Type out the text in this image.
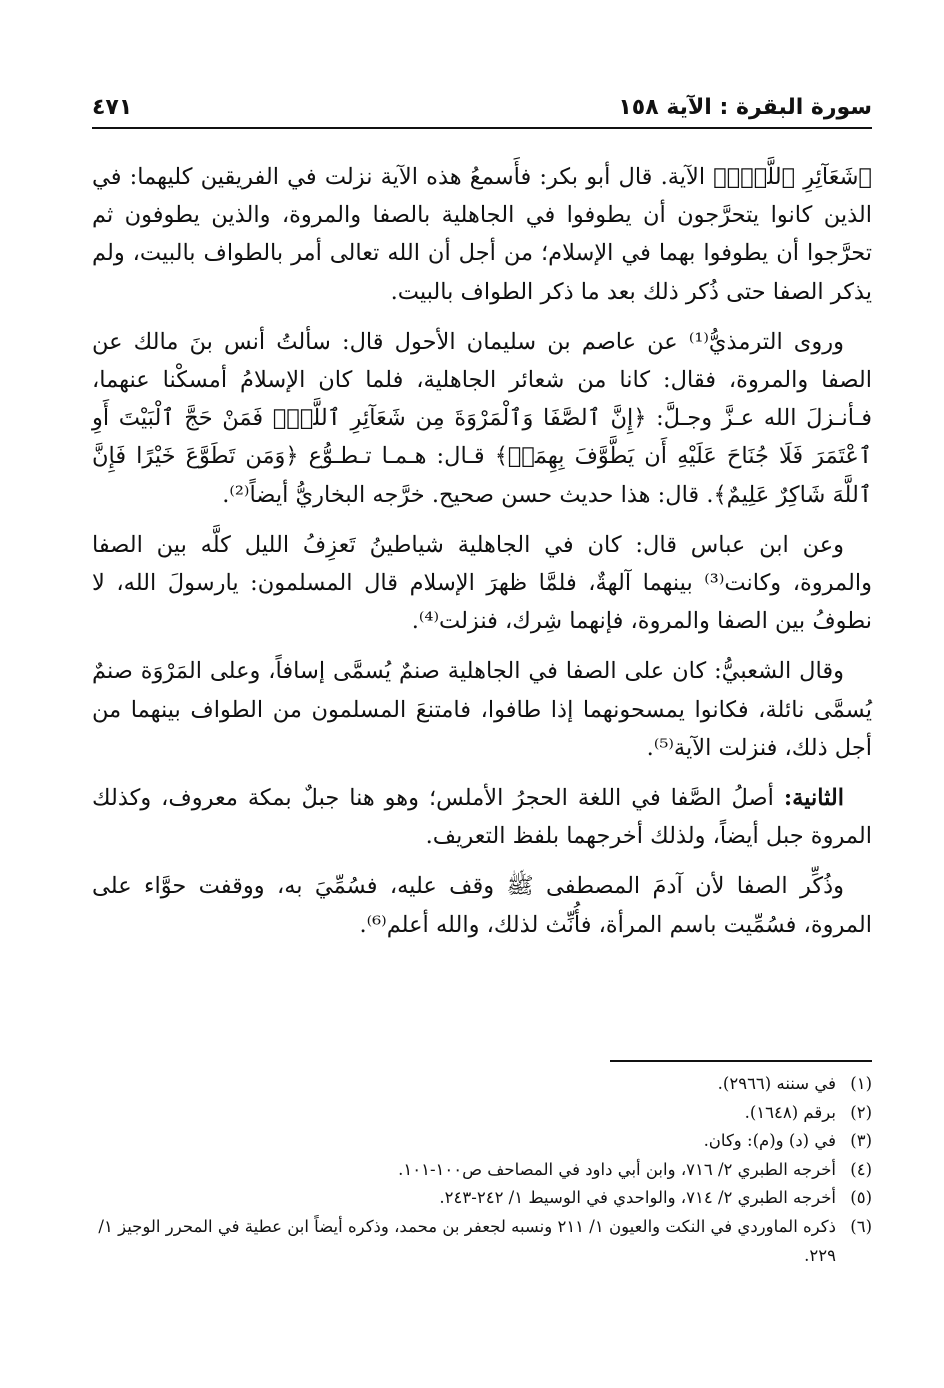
سورة البقرة : الآية ١٥٨
٤٧١

﴿شَعَآئِرِ ٱللَّهِۖ﴾ الآية. قال أبو بكر: فأَسمعُ هذه الآية نزلت في الفريقين كليهما: في الذين كانوا يتحرَّجون أن يطوفوا في الجاهلية بالصفا والمروة، والذين يطوفون ثم تحرَّجوا أن يطوفوا بهما في الإسلام؛ من أجل أن الله تعالى أمر بالطواف بالبيت، ولم يذكر الصفا حتى ذُكر ذلك بعد ما ذكر الطواف بالبيت.

وروى الترمذيُّ⁽¹⁾ عن عاصم بن سليمان الأحول قال: سألتُ أنس بنَ مالك عن الصفا والمروة، فقال: كانا من شعائر الجاهلية، فلما كان الإسلامُ أمسكْنا عنهما، فـأنـزلَ الله عـزَّ وجـلَّ: ﴿إِنَّ ٱلصَّفَا وَٱلْمَرْوَةَ مِن شَعَآئِرِ ٱللَّهِۖ فَمَنْ حَجَّ ٱلْبَيْتَ أَوِ ٱعْتَمَرَ فَلَا جُنَاحَ عَلَيْهِ أَن يَطَّوَّفَ بِهِمَاۚ﴾ قـال: هـمـا تـطـوُّع ﴿وَمَن تَطَوَّعَ خَيْرًا فَإِنَّ ٱللَّهَ شَاكِرٌ عَلِيمٌ﴾. قال: هذا حديث حسن صحيح. خرَّجه البخاريُّ أيضاً⁽²⁾.

وعن ابن عباس قال: كان في الجاهلية شياطينُ تَعزِفُ الليل كلَّه بين الصفا والمروة، وكانت⁽³⁾ بينهما آلهةٌ، فلمَّا ظهرَ الإسلام قال المسلمون: يارسولَ الله، لا نطوفُ بين الصفا والمروة، فإنهما شِرك، فنزلت⁽⁴⁾.

وقال الشعبيُّ: كان على الصفا في الجاهلية صنمٌ يُسمَّى إسافاً، وعلى المَرْوَة صنمٌ يُسمَّى نائلة، فكانوا يمسحونهما إذا طافوا، فامتنعَ المسلمون من الطواف بينهما من أجل ذلك، فنزلت الآية⁽⁵⁾.

الثانية: أصلُ الصَّفا في اللغة الحجرُ الأملس؛ وهو هنا جبلٌ بمكة معروف، وكذلك المروة جبل أيضاً، ولذلك أخرجهما بلفظ التعريف.

وذُكِّر الصفا لأن آدمَ المصطفى ﷺ وقف عليه، فسُمِّيَ به، ووقفت حوَّاء على المروة، فسُمِّيت باسم المرأة، فأُنِّث لذلك، والله أعلم⁽⁶⁾.

(١)
في سننه (٢٩٦٦).
(٢)
برقم (١٦٤٨).
(٣)
في (د) و(م): وكان.
(٤)
أخرجه الطبري ٢/ ٧١٦، وابن أبي داود في المصاحف ص١٠٠-١٠١.
(٥)
أخرجه الطبري ٢/ ٧١٤، والواحدي في الوسيط ١/ ٢٤٢-٢٤٣.
(٦)
ذكره الماوردي في النكت والعيون ١/ ٢١١ ونسبه لجعفر بن محمد، وذكره أيضاً ابن عطية في المحرر الوجيز ١/ ٢٢٩.
